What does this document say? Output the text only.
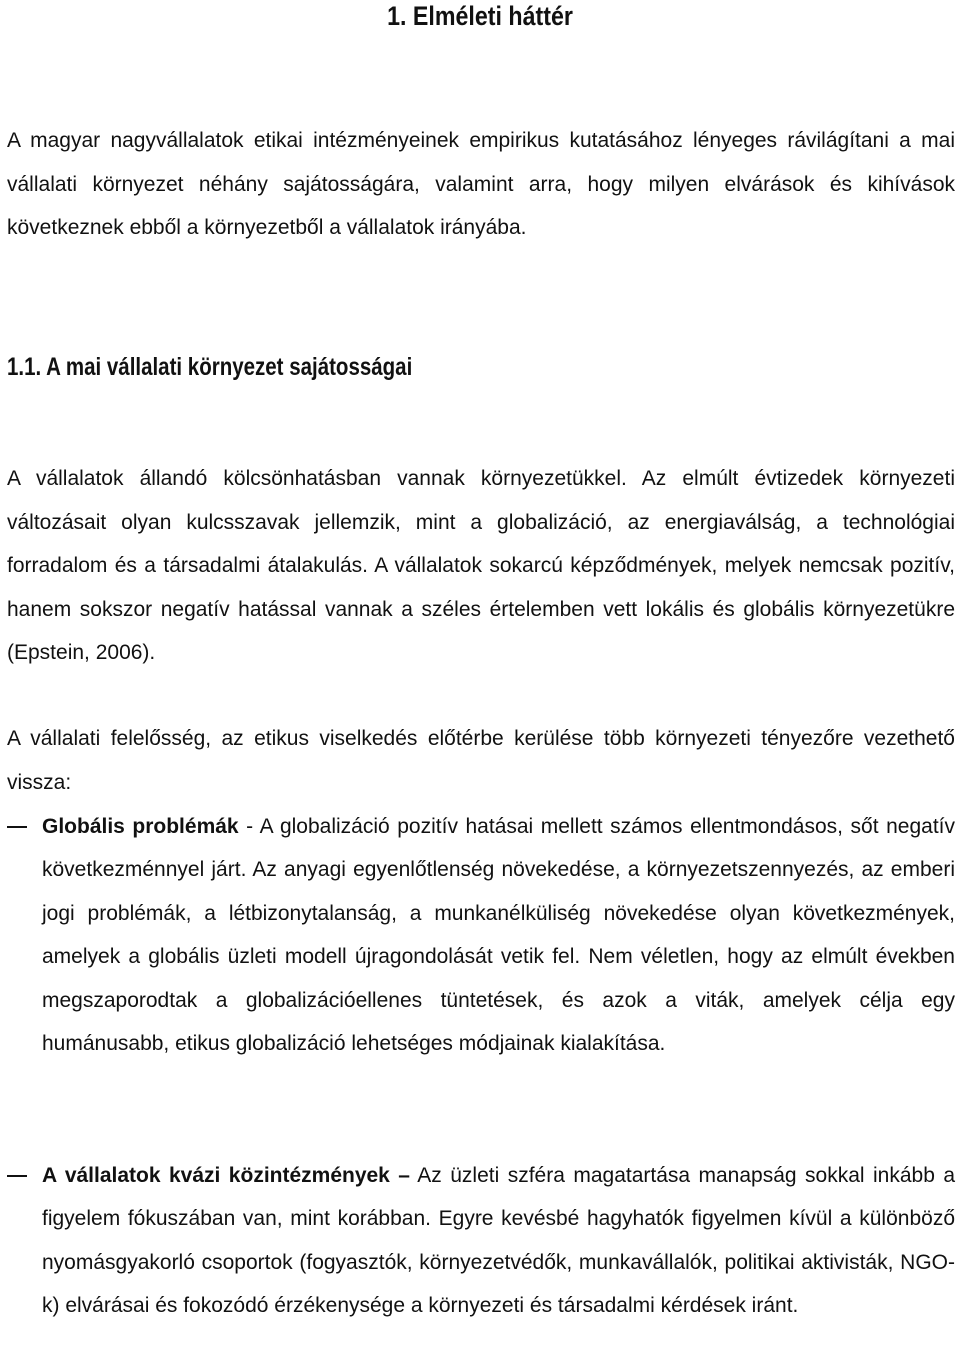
1. Elméleti háttér
A magyar nagyvállalatok etikai intézményeinek empirikus kutatásához lényeges rávilágítani a mai vállalati környezet néhány sajátosságára, valamint arra, hogy milyen elvárások és kihívások következnek ebből a környezetből a vállalatok irányába.
1.1. A mai vállalati környezet sajátosságai
A vállalatok állandó kölcsönhatásban vannak környezetükkel. Az elmúlt évtizedek környezeti változásait olyan kulcsszavak jellemzik, mint a globalizáció, az energiaválság, a technológiai forradalom és a társadalmi átalakulás. A vállalatok sokarcú képződmények, melyek nemcsak pozitív, hanem sokszor negatív hatással vannak a széles értelemben vett lokális és globális környezetükre (Epstein, 2006).
A vállalati felelősség, az etikus viselkedés előtérbe kerülése több környezeti tényezőre vezethető vissza:
Globális problémák - A globalizáció pozitív hatásai mellett számos ellentmondásos, sőt negatív következménnyel járt. Az anyagi egyenlőtlenség növekedése, a környezetszennyezés, az emberi jogi problémák, a létbizonytalanság, a munkanélküliség növekedése olyan következmények, amelyek a globális üzleti modell újragondolását vetik fel. Nem véletlen, hogy az elmúlt években megszaporodtak a globalizációellenes tüntetések, és azok a viták, amelyek célja egy humánusabb, etikus globalizáció lehetséges módjainak kialakítása.
A vállalatok kvázi közintézmények – Az üzleti szféra magatartása manapság sokkal inkább a figyelem fókuszában van, mint korábban. Egyre kevésbé hagyhatók figyelmen kívül a különböző nyomásgyakorló csoportok (fogyasztók, környezetvédők, munkavállalók, politikai aktivisták, NGO-k) elvárásai és fokozódó érzékenysége a környezeti és társadalmi kérdések iránt.
